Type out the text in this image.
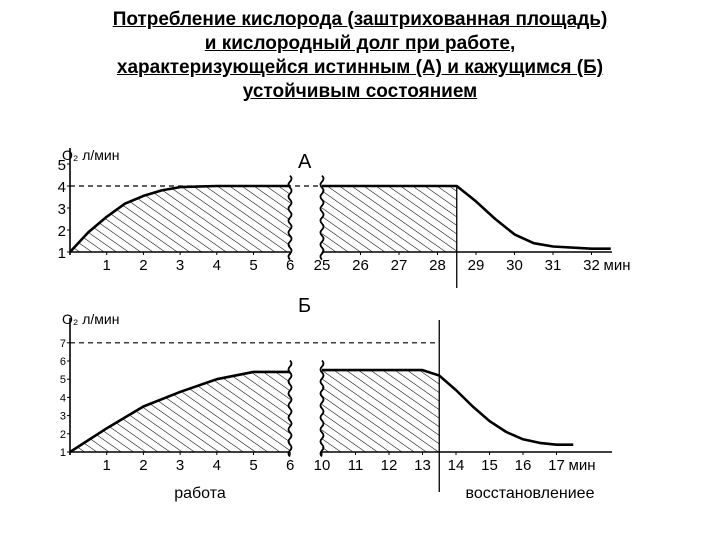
Потребление кислорода (заштрихованная площадь)
и кислородный долг при работе,
характеризующейся истинным (А) и кажущимся (Б)
устойчивым состоянием
1
2
3
4
5
O₂ л/мин	А
1 2 3 4 5 6 25 26 27 28 29 30 31 32 мин
1
2
3
4
5
6
7
O₂ л/мин
Б
1 2 3 4 5 6 10 11 12 13 14 15 16 17 мин
работа	восстановлениее
